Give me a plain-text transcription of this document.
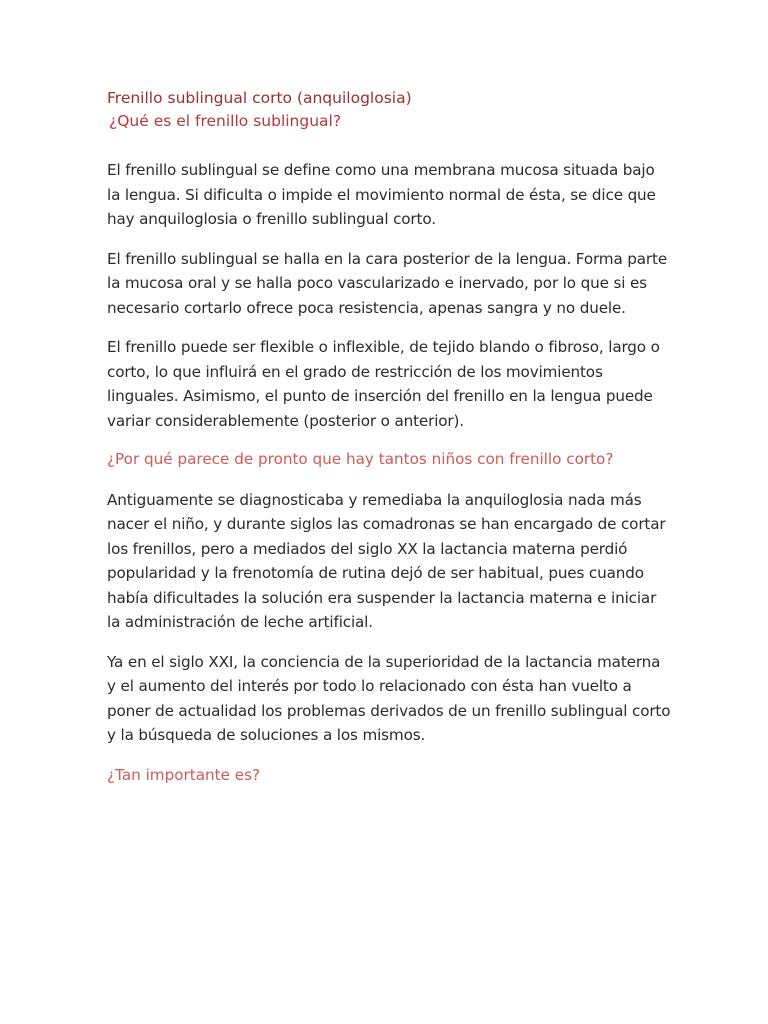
Frenillo sublingual corto (anquiloglosia)
¿Qué es el frenillo sublingual?

El frenillo sublingual se define como una membrana mucosa situada bajo la lengua. Si dificulta o impide el movimiento normal de ésta, se dice que hay anquiloglosia o frenillo sublingual corto.

El frenillo sublingual se halla en la cara posterior de la lengua. Forma parte la mucosa oral y se halla poco vascularizado e inervado, por lo que si es necesario cortarlo ofrece poca resistencia, apenas sangra y no duele.

El frenillo puede ser flexible o inflexible, de tejido blando o fibroso, largo o corto, lo que influirá en el grado de restricción de los movimientos linguales. Asimismo, el punto de inserción del frenillo en la lengua puede variar considerablemente (posterior o anterior).

¿Por qué parece de pronto que hay tantos niños con frenillo corto?

Antiguamente se diagnosticaba y remediaba la anquiloglosia nada más nacer el niño, y durante siglos las comadronas se han encargado de cortar los frenillos, pero a mediados del siglo XX la lactancia materna perdió popularidad y la frenotomía de rutina dejó de ser habitual, pues cuando había dificultades la solución era suspender la lactancia materna e iniciar la administración de leche artificial.

Ya en el siglo XXI, la conciencia de la superioridad de la lactancia materna y el aumento del interés por todo lo relacionado con ésta han vuelto a poner de actualidad los problemas derivados de un frenillo sublingual corto y la búsqueda de soluciones a los mismos.

¿Tan importante es?
